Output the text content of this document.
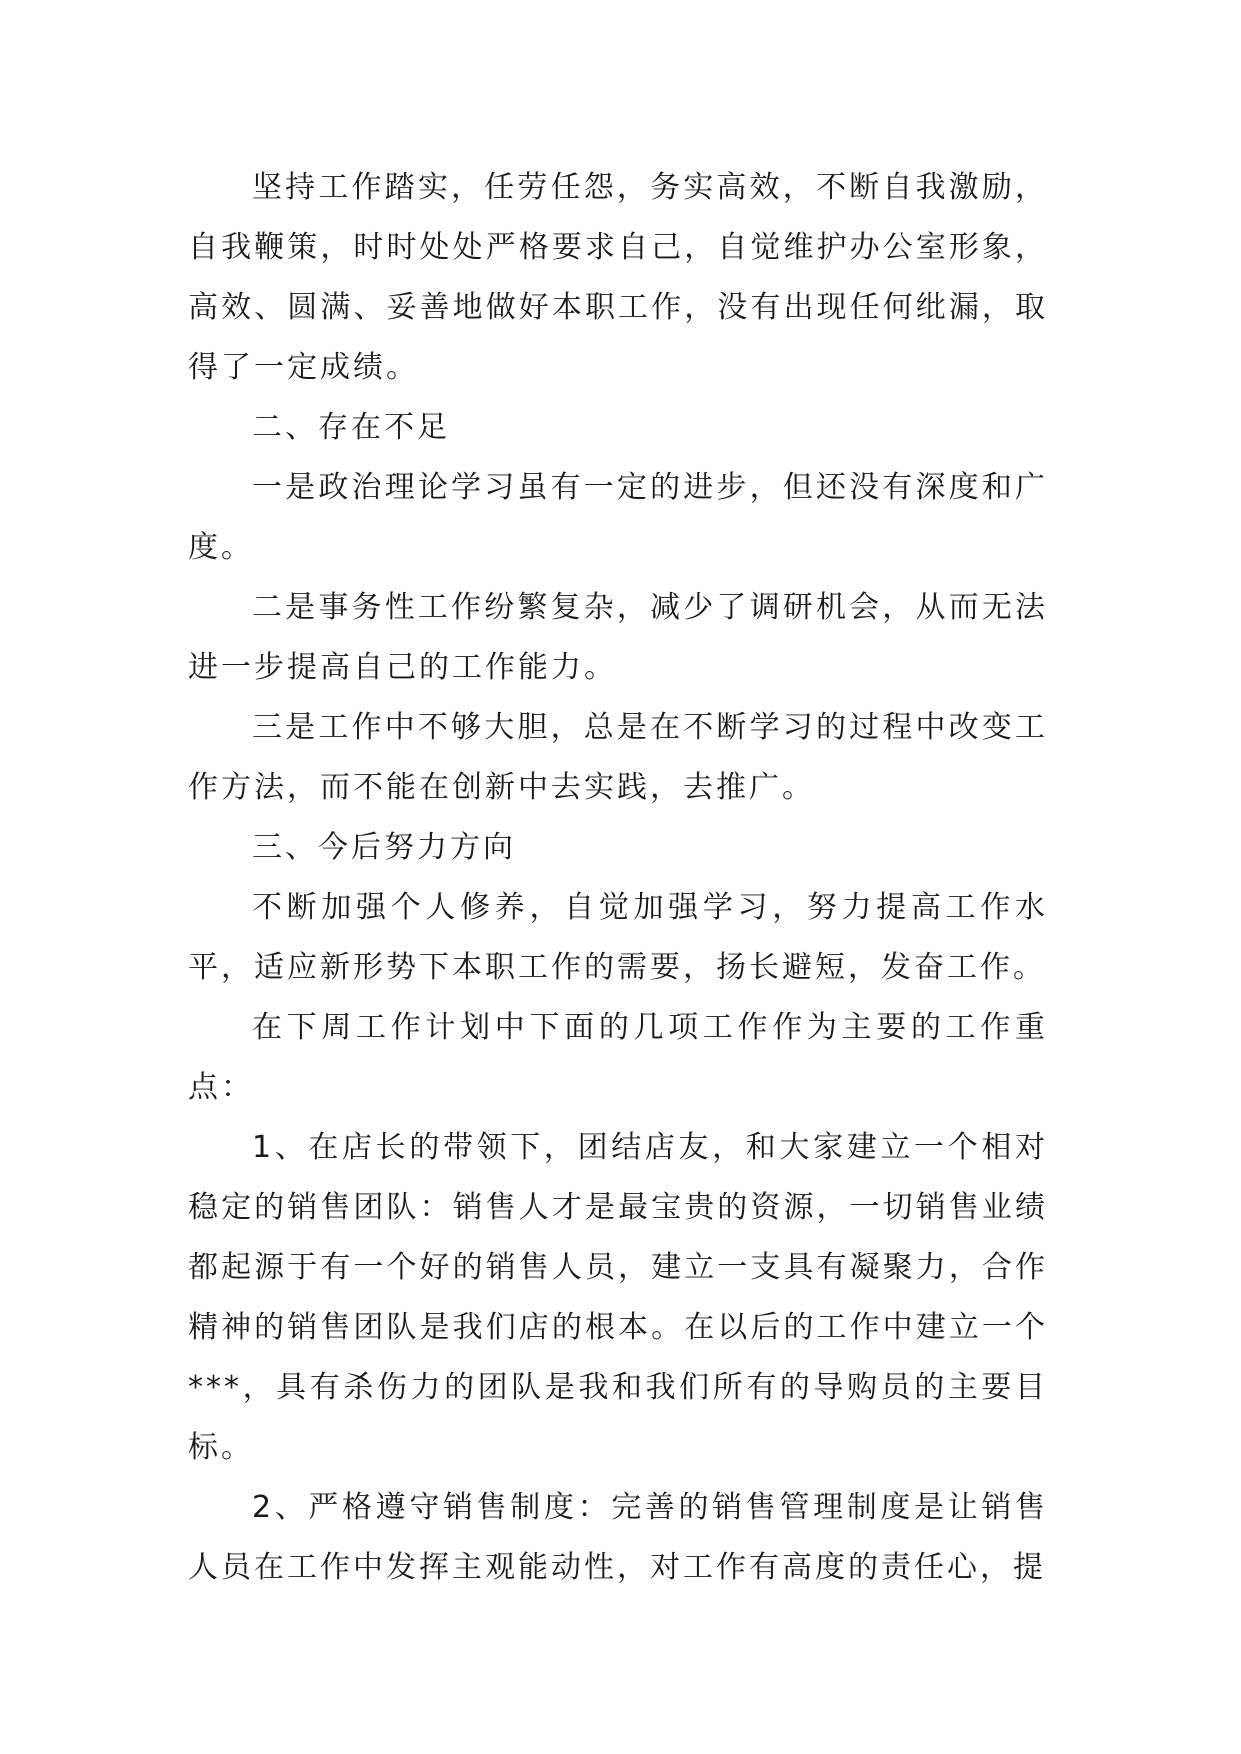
坚持工作踏实，任劳任怨，务实高效，不断自我激励，自我鞭策，时时处处严格要求自己，自觉维护办公室形象，高效、圆满、妥善地做好本职工作，没有出现任何纰漏，取得了一定成绩。

二、存在不足

一是政治理论学习虽有一定的进步，但还没有深度和广度。

二是事务性工作纷繁复杂，减少了调研机会，从而无法进一步提高自己的工作能力。

三是工作中不够大胆，总是在不断学习的过程中改变工作方法，而不能在创新中去实践，去推广。

三、今后努力方向

不断加强个人修养，自觉加强学习，努力提高工作水平，适应新形势下本职工作的需要，扬长避短，发奋工作。

在下周工作计划中下面的几项工作作为主要的工作重点：

1、在店长的带领下，团结店友，和大家建立一个相对稳定的销售团队：销售人才是最宝贵的资源，一切销售业绩都起源于有一个好的销售人员，建立一支具有凝聚力，合作精神的销售团队是我们店的根本。在以后的工作中建立一个***，具有杀伤力的团队是我和我们所有的导购员的主要目标。

2、严格遵守销售制度：完善的销售管理制度是让销售人员在工作中发挥主观能动性，对工作有高度的责任心，提
